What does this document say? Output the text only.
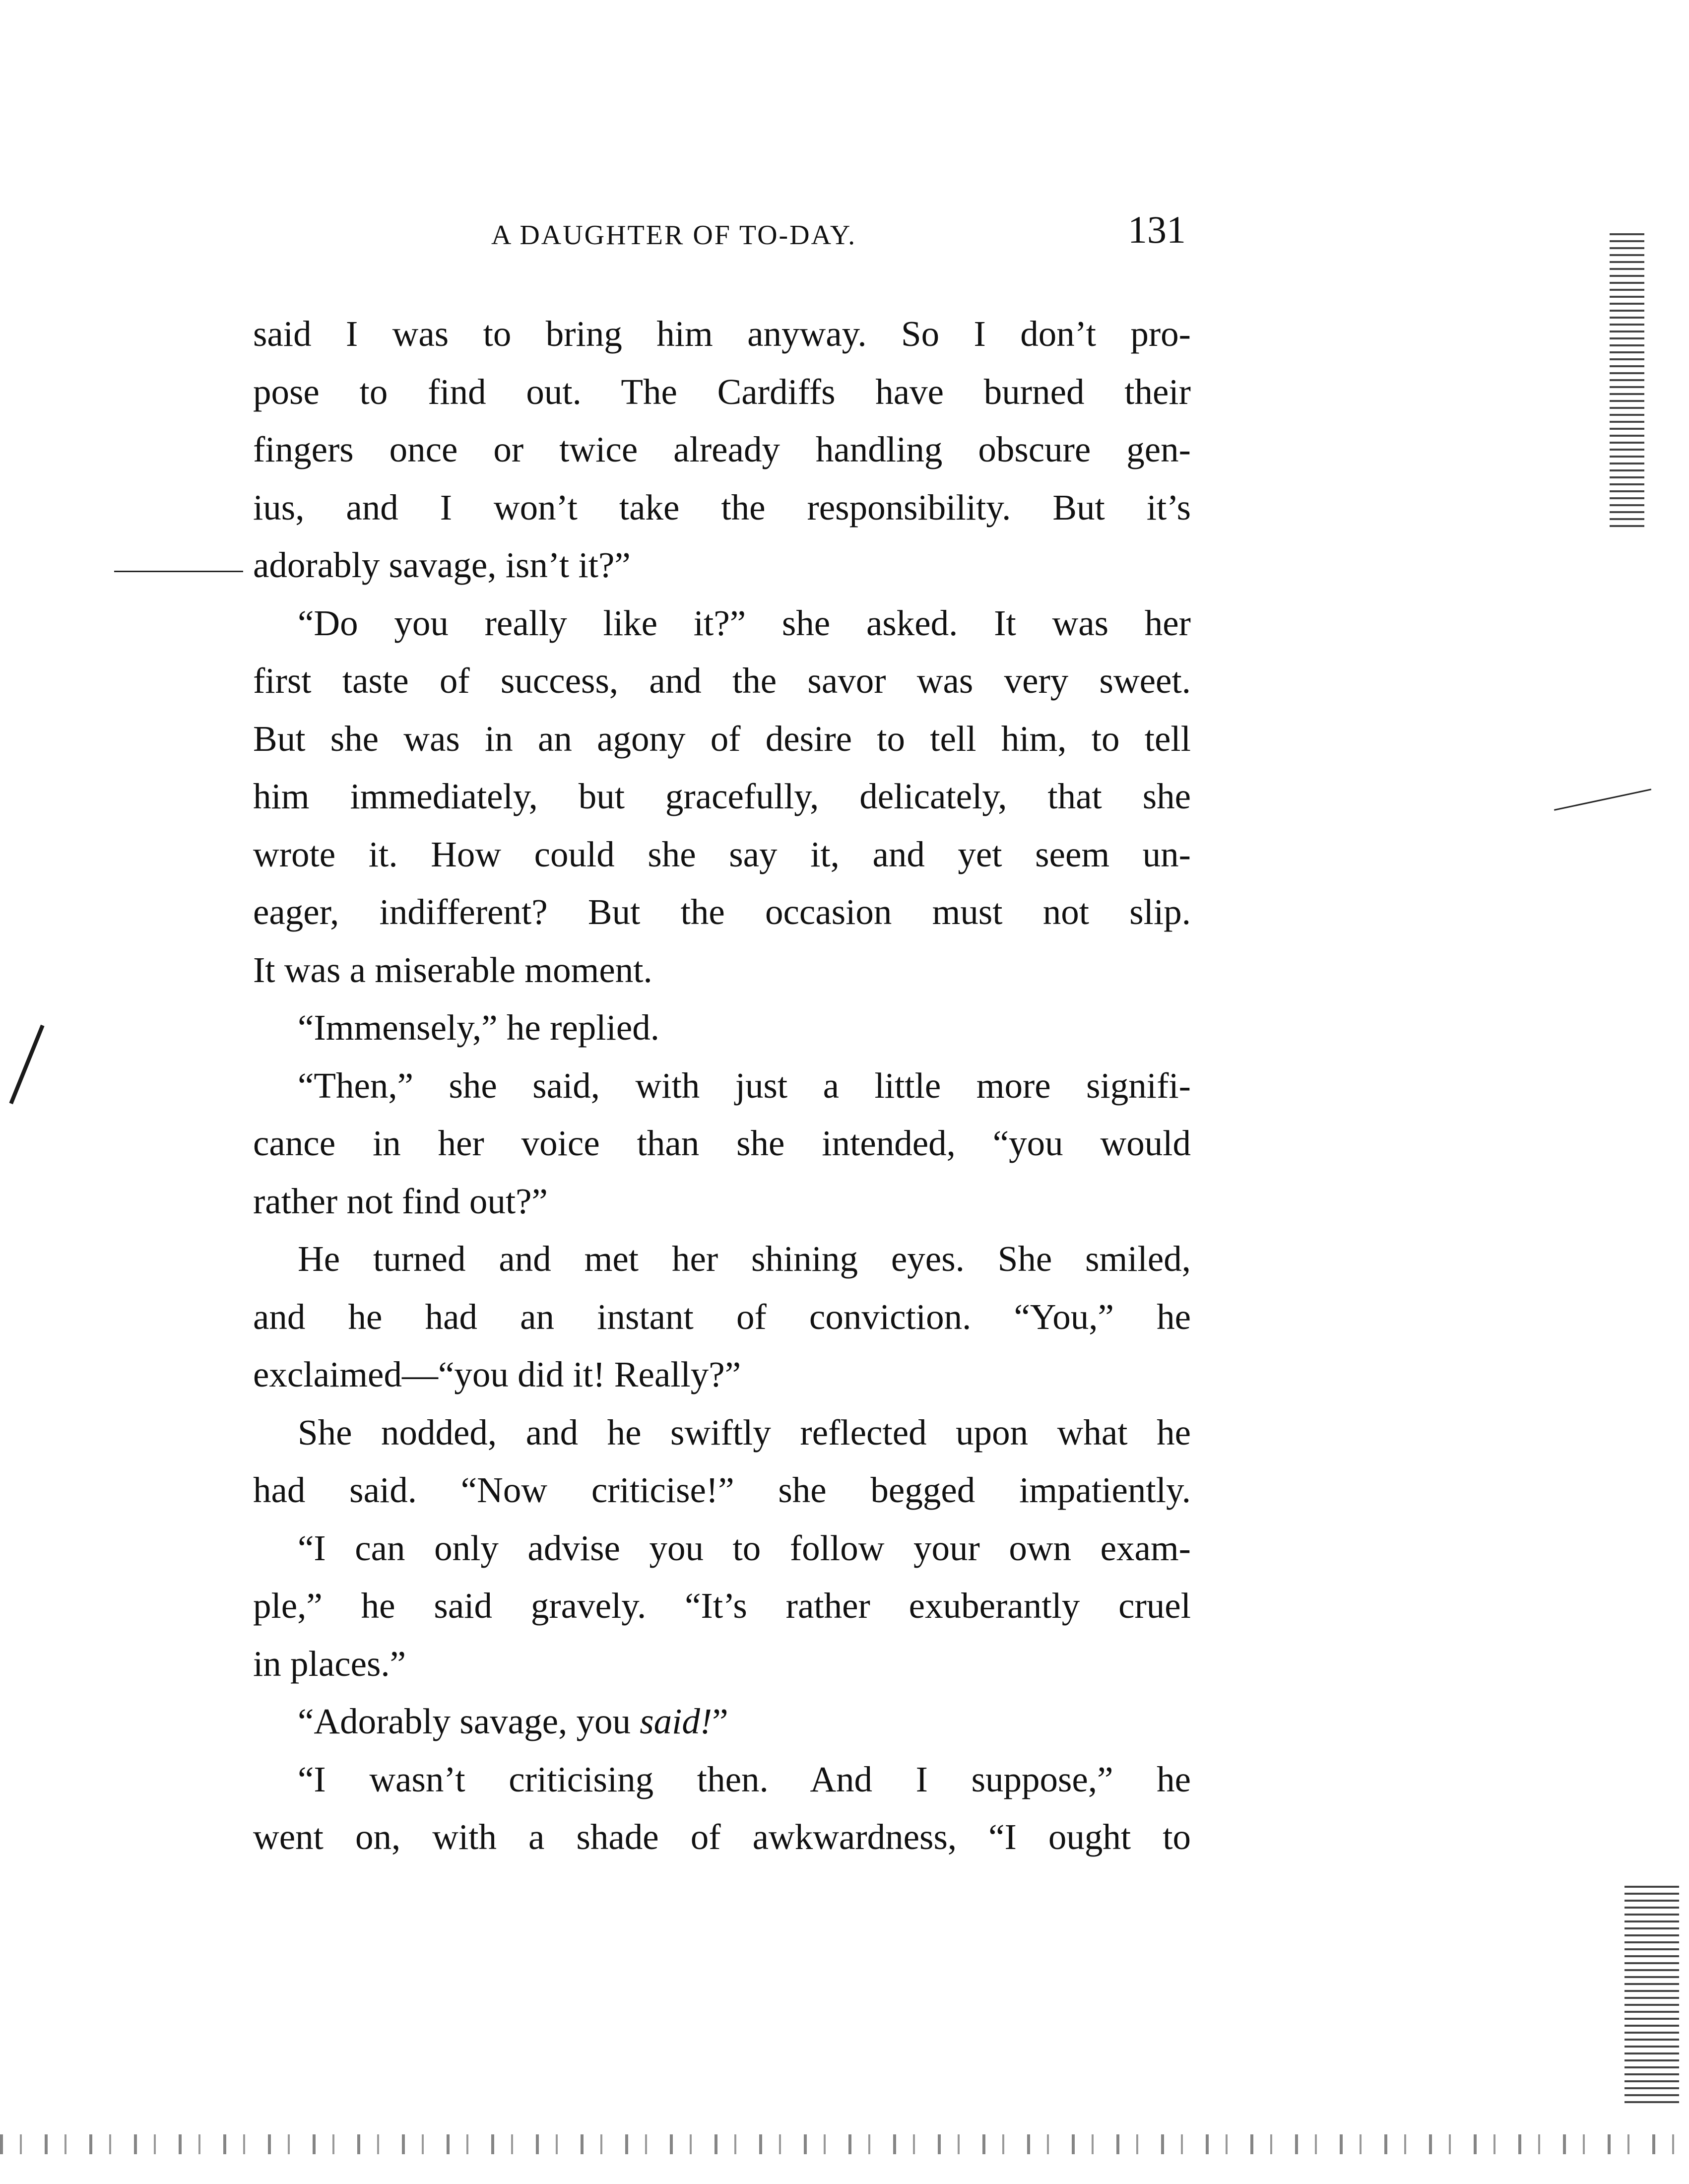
A DAUGHTER OF TO-DAY.	131
said I was to bring him anyway. So I don’t pro-
pose to find out. The Cardiffs have burned their
fingers once or twice already handling obscure gen-
ius, and I won’t take the responsibility. But it’s
adorably savage, isn’t it?”
“Do you really like it?” she asked. It was her
first taste of success, and the savor was very sweet.
But she was in an agony of desire to tell him, to tell
him immediately, but gracefully, delicately, that she
wrote it. How could she say it, and yet seem un-
eager, indifferent? But the occasion must not slip.
It was a miserable moment.
“Immensely,” he replied.
“Then,” she said, with just a little more signifi-
cance in her voice than she intended, “you would
rather not find out?”
He turned and met her shining eyes. She smiled,
and he had an instant of conviction. “You,” he
exclaimed—“you did it! Really?”
She nodded, and he swiftly reflected upon what he
had said. “Now criticise!” she begged impatiently.
“I can only advise you to follow your own exam-
ple,” he said gravely. “It’s rather exuberantly cruel
in places.”
“Adorably savage, you said!”
“I wasn’t criticising then. And I suppose,” he
went on, with a shade of awkwardness, “I ought to
